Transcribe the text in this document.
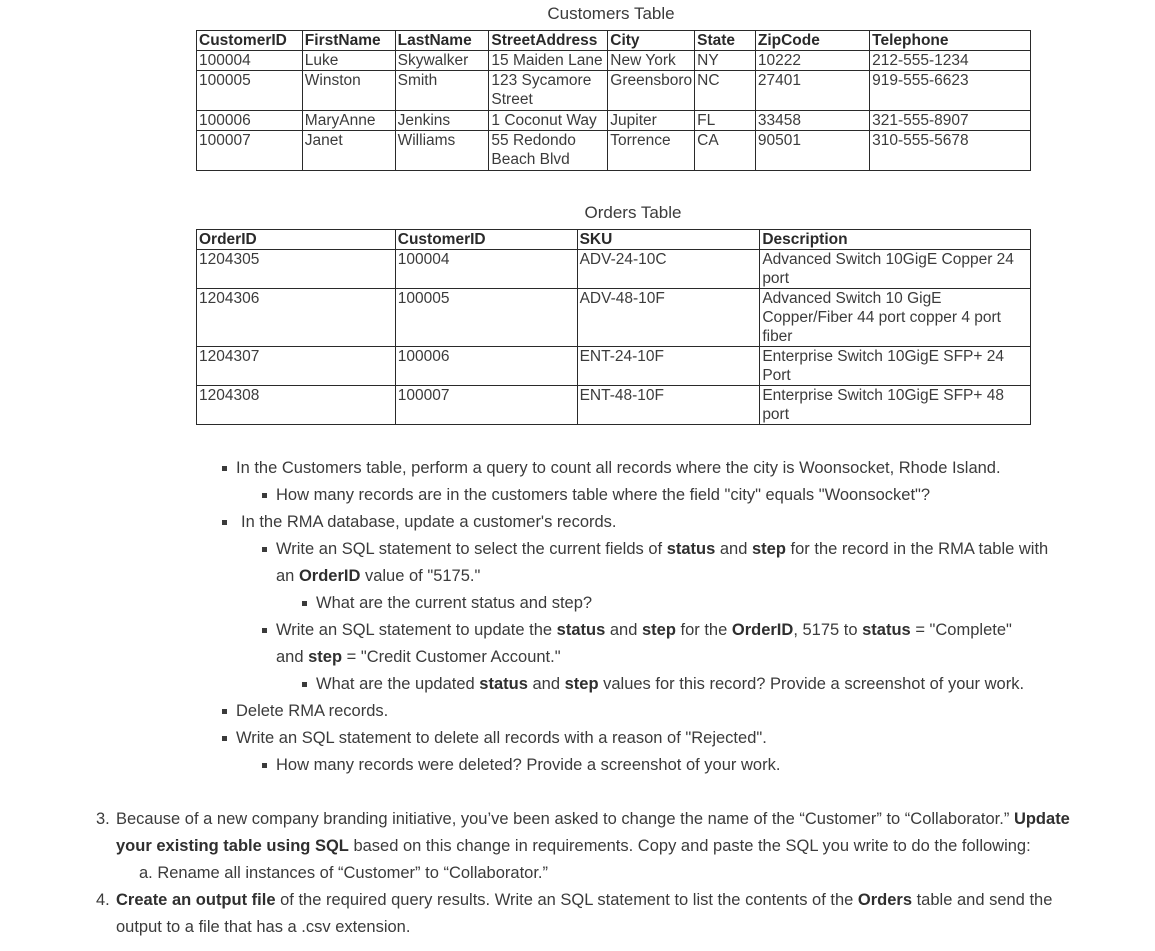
Customers Table
CustomerID	FirstName	LastName	StreetAddress	City	State	ZipCode	Telephone
100004	Luke	Skywalker	15 Maiden Lane	New York	NY	10222	212-555-1234
100005	Winston	Smith	123 Sycamore Street	Greensboro	NC	27401	919-555-6623
100006	MaryAnne	Jenkins	1 Coconut Way	Jupiter	FL	33458	321-555-8907
100007	Janet	Williams	55 Redondo Beach Blvd	Torrence	CA	90501	310-555-5678
Orders Table
OrderID	CustomerID	SKU	Description
1204305	100004	ADV-24-10C	Advanced Switch 10GigE Copper 24 port
1204306	100005	ADV-48-10F	Advanced Switch 10 GigE Copper/Fiber 44 port copper 4 port fiber
1204307	100006	ENT-24-10F	Enterprise Switch 10GigE SFP+ 24 Port
1204308	100007	ENT-48-10F	Enterprise Switch 10GigE SFP+ 48 port
In the Customers table, perform a query to count all records where the city is Woonsocket, Rhode Island.
How many records are in the customers table where the field "city" equals "Woonsocket"?
In the RMA database, update a customer's records.
Write an SQL statement to select the current fields of status and step for the record in the RMA table with
an OrderID value of "5175."
What are the current status and step?
Write an SQL statement to update the status and step for the OrderID, 5175 to status = "Complete"
and step = "Credit Customer Account."
What are the updated status and step values for this record? Provide a screenshot of your work.
Delete RMA records.
Write an SQL statement to delete all records with a reason of "Rejected".
How many records were deleted? Provide a screenshot of your work.
3. Because of a new company branding initiative, you’ve been asked to change the name of the “Customer” to “Collaborator.” Update
your existing table using SQL based on this change in requirements. Copy and paste the SQL you write to do the following:
a. Rename all instances of “Customer” to “Collaborator.”
4. Create an output file of the required query results. Write an SQL statement to list the contents of the Orders table and send the
output to a file that has a .csv extension.
